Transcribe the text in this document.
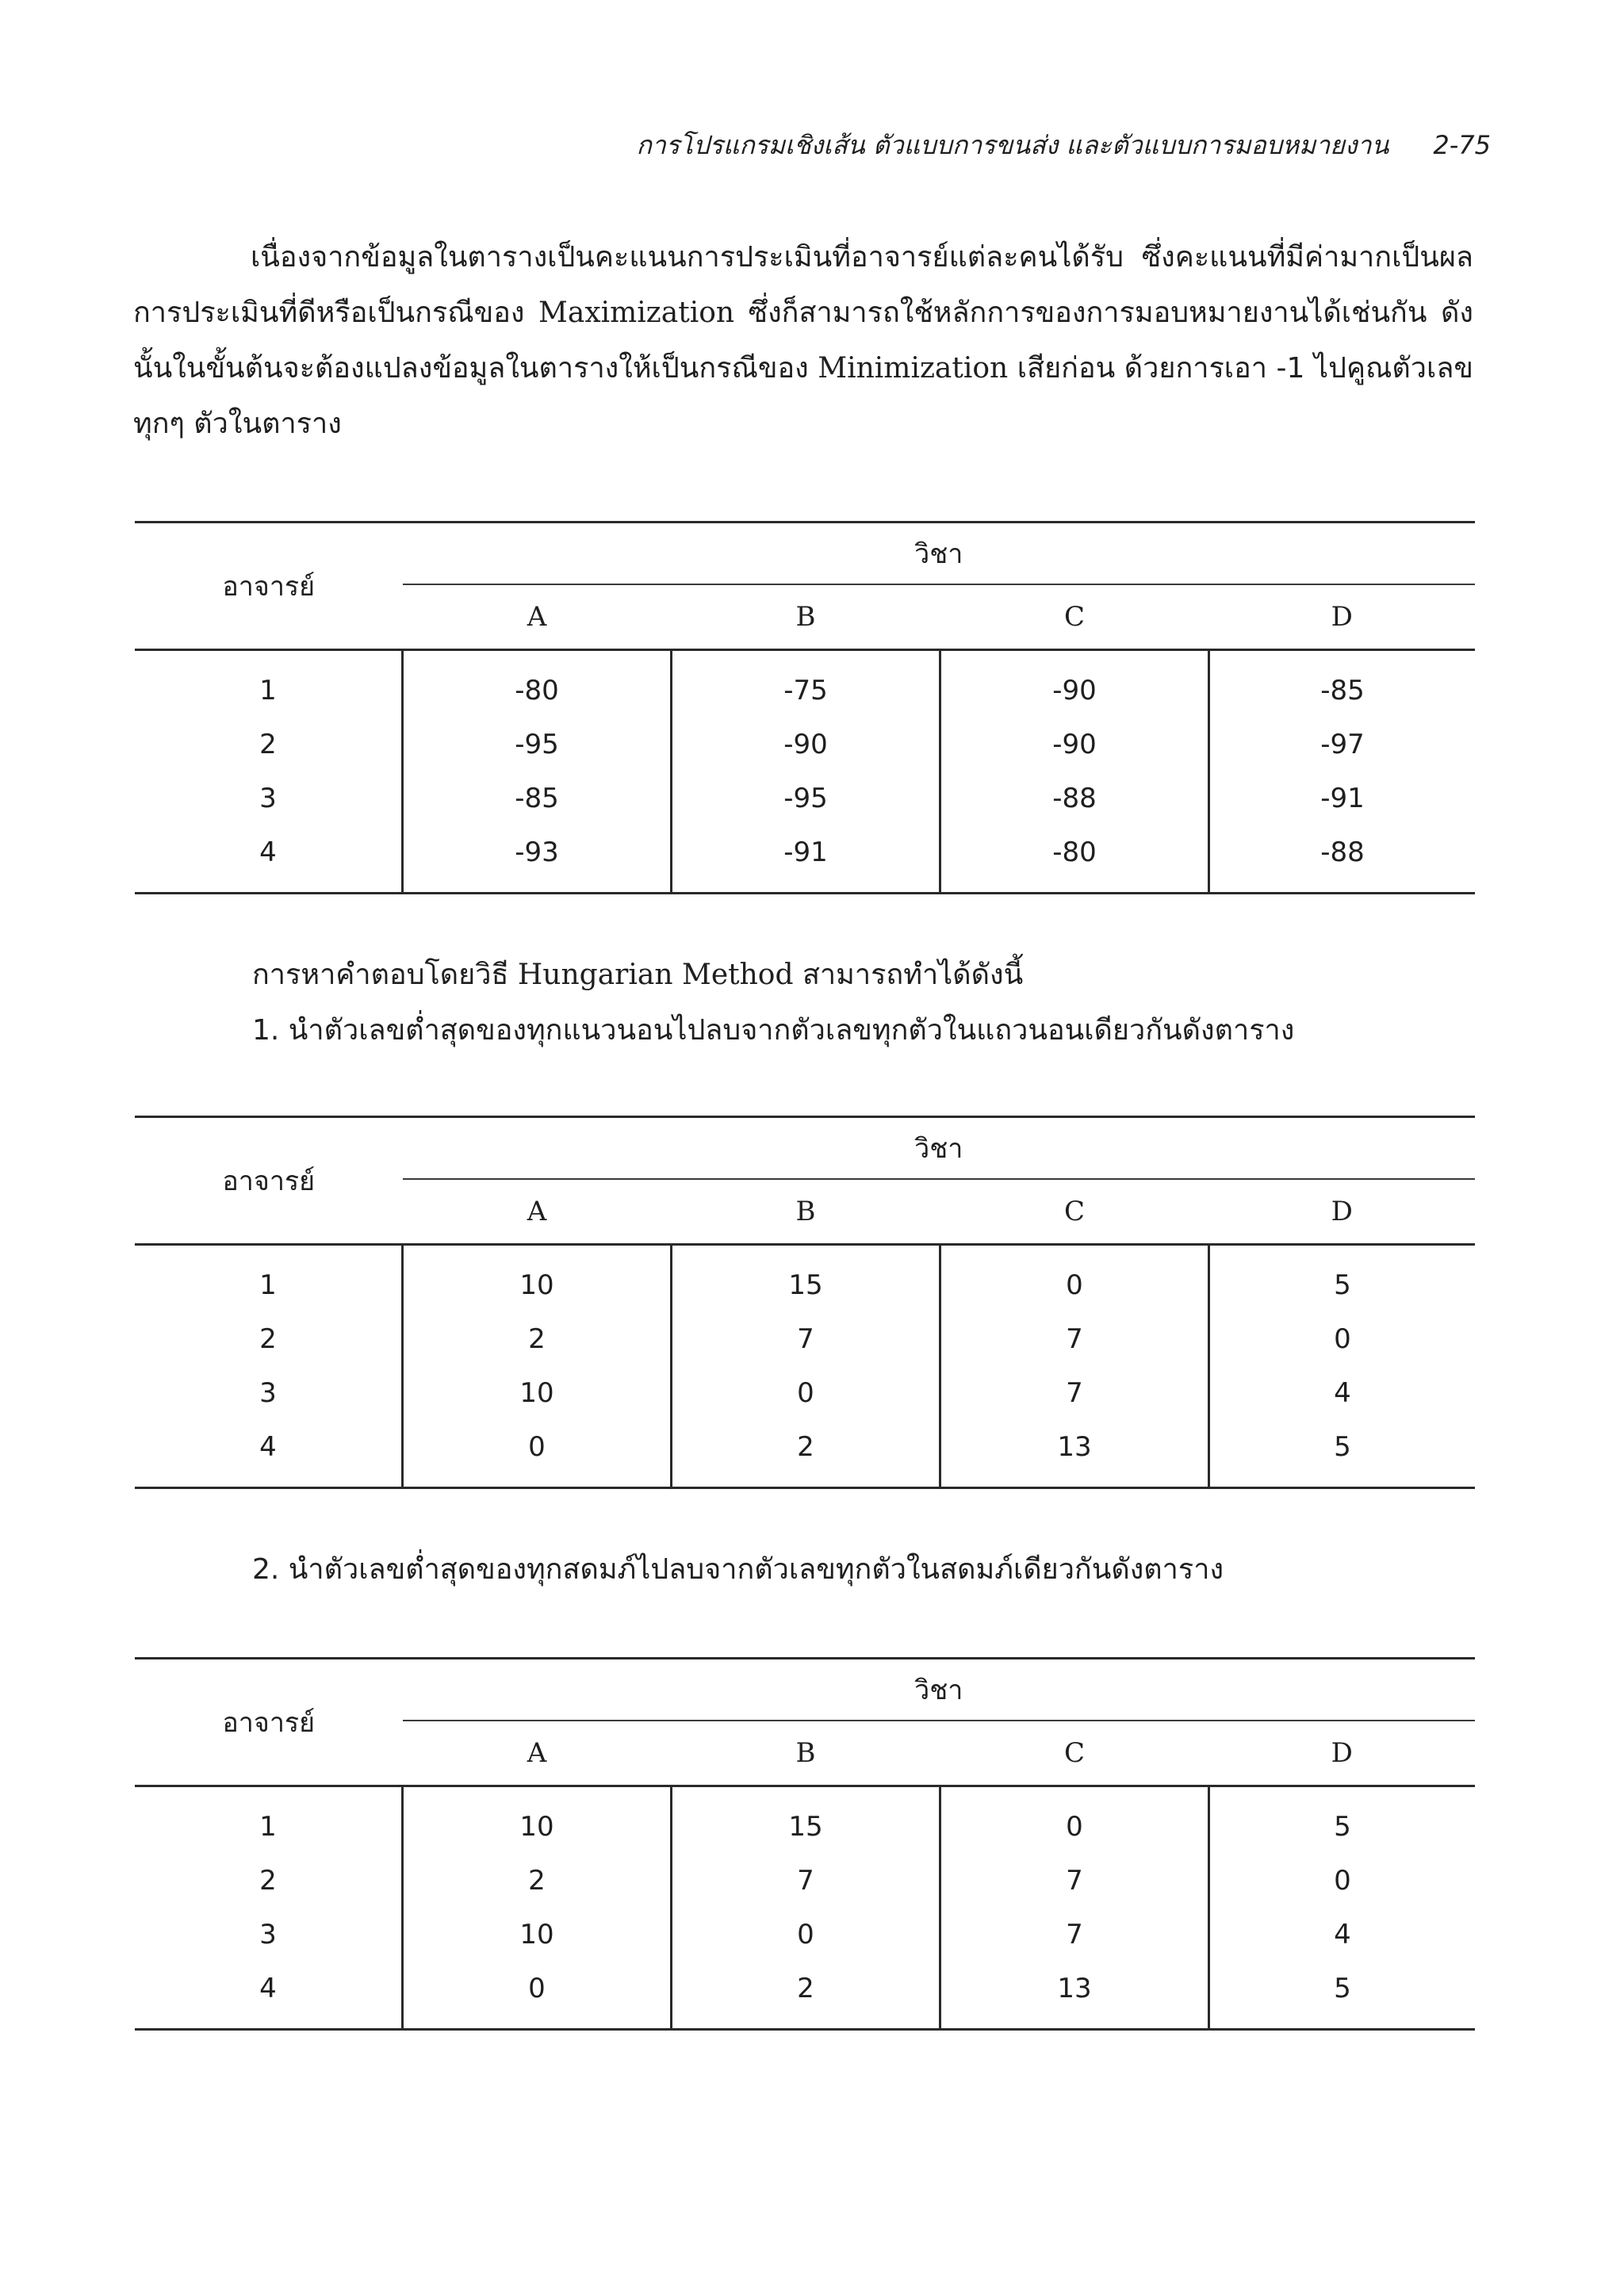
การโปรแกรมเชิงเส้น ตัวแบบการขนส่ง และตัวแบบการมอบหมายงาน 2-75
เนื่องจากข้อมูลในตารางเป็นคะแนนการประเมินที่อาจารย์แต่ละคนได้รับ ซึ่งคะแนนที่มีค่ามากเป็นผลการประเมินที่ดีหรือเป็นกรณีของ Maximization ซึ่งก็สามารถใช้หลักการของการมอบหมายงานได้เช่นกัน ดังนั้นในขั้นต้นจะต้องแปลงข้อมูลในตารางให้เป็นกรณีของ Minimization เสียก่อน ด้วยการเอา -1 ไปคูณตัวเลขทุกๆ ตัวในตาราง
อาจารย์	วิชา			
	A	B	C	D
1	-80	-75	-90	-85
2	-95	-90	-90	-97
3	-85	-95	-88	-91
4	-93	-91	-80	-88
การหาคำตอบโดยวิธี Hungarian Method สามารถทำได้ดังนี้
1. นำตัวเลขต่ำสุดของทุกแนวนอนไปลบจากตัวเลขทุกตัวในแถวนอนเดียวกันดังตาราง
อาจารย์	วิชา			
	A	B	C	D
1	10	15	0	5
2	2	7	7	0
3	10	0	7	4
4	0	2	13	5
2. นำตัวเลขต่ำสุดของทุกสดมภ์ไปลบจากตัวเลขทุกตัวในสดมภ์เดียวกันดังตาราง
อาจารย์	วิชา			
	A	B	C	D
1	10	15	0	5
2	2	7	7	0
3	10	0	7	4
4	0	2	13	5
